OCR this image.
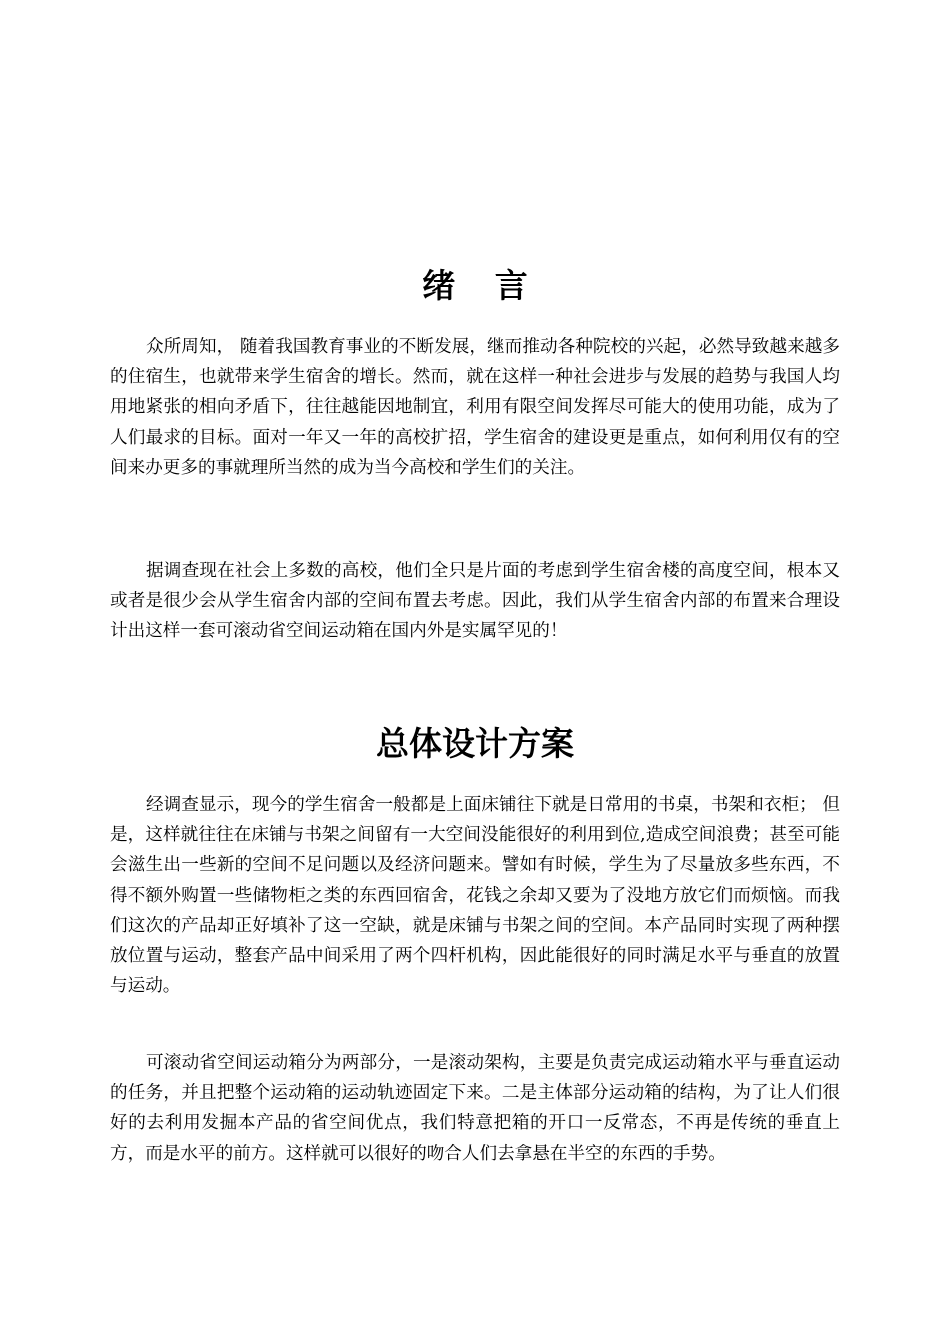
绪 言

众所周知， 随着我国教育事业的不断发展，继而推动各种院校的兴起，必然导致越来越多的住宿生，也就带来学生宿舍的增长。然而，就在这样一种社会进步与发展的趋势与我国人均用地紧张的相向矛盾下，往往越能因地制宜，利用有限空间发挥尽可能大的使用功能，成为了人们最求的目标。面对一年又一年的高校扩招，学生宿舍的建设更是重点，如何利用仅有的空间来办更多的事就理所当然的成为当今高校和学生们的关注。

据调查现在社会上多数的高校，他们全只是片面的考虑到学生宿舍楼的高度空间，根本又或者是很少会从学生宿舍内部的空间布置去考虑。因此，我们从学生宿舍内部的布置来合理设计出这样一套可滚动省空间运动箱在国内外是实属罕见的！

总体设计方案

经调查显示，现今的学生宿舍一般都是上面床铺往下就是日常用的书桌，书架和衣柜； 但是，这样就往往在床铺与书架之间留有一大空间没能很好的利用到位,造成空间浪费；甚至可能会滋生出一些新的空间不足问题以及经济问题来。譬如有时候，学生为了尽量放多些东西，不得不额外购置一些储物柜之类的东西回宿舍，花钱之余却又要为了没地方放它们而烦恼。而我们这次的产品却正好填补了这一空缺，就是床铺与书架之间的空间。本产品同时实现了两种摆放位置与运动，整套产品中间采用了两个四杆机构，因此能很好的同时满足水平与垂直的放置与运动。

可滚动省空间运动箱分为两部分，一是滚动架构，主要是负责完成运动箱水平与垂直运动的任务，并且把整个运动箱的运动轨迹固定下来。二是主体部分运动箱的结构，为了让人们很好的去利用发掘本产品的省空间优点，我们特意把箱的开口一反常态，不再是传统的垂直上方，而是水平的前方。这样就可以很好的吻合人们去拿悬在半空的东西的手势。
